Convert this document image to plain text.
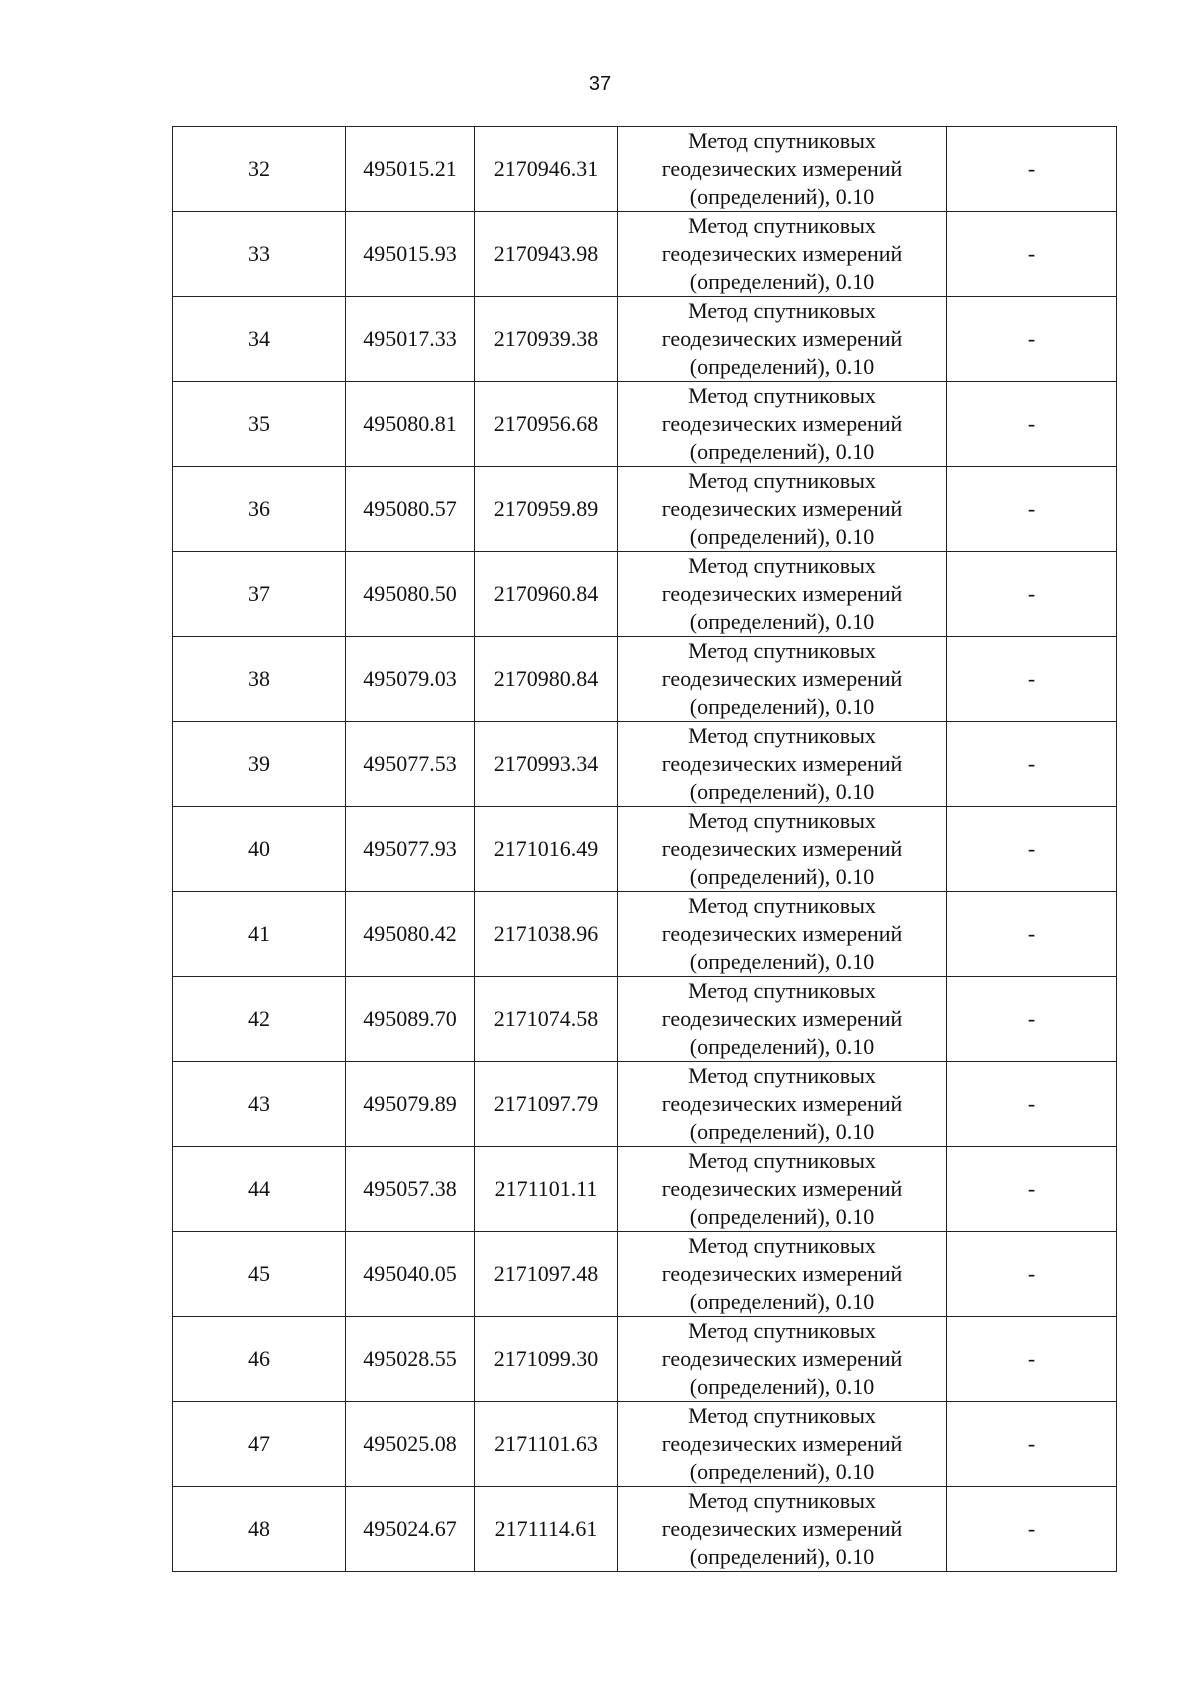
37
32	495015.21	2170946.31	Метод спутниковых
геодезических измерений
(определений), 0.10	-
33	495015.93	2170943.98	Метод спутниковых
геодезических измерений
(определений), 0.10	-
34	495017.33	2170939.38	Метод спутниковых
геодезических измерений
(определений), 0.10	-
35	495080.81	2170956.68	Метод спутниковых
геодезических измерений
(определений), 0.10	-
36	495080.57	2170959.89	Метод спутниковых
геодезических измерений
(определений), 0.10	-
37	495080.50	2170960.84	Метод спутниковых
геодезических измерений
(определений), 0.10	-
38	495079.03	2170980.84	Метод спутниковых
геодезических измерений
(определений), 0.10	-
39	495077.53	2170993.34	Метод спутниковых
геодезических измерений
(определений), 0.10	-
40	495077.93	2171016.49	Метод спутниковых
геодезических измерений
(определений), 0.10	-
41	495080.42	2171038.96	Метод спутниковых
геодезических измерений
(определений), 0.10	-
42	495089.70	2171074.58	Метод спутниковых
геодезических измерений
(определений), 0.10	-
43	495079.89	2171097.79	Метод спутниковых
геодезических измерений
(определений), 0.10	-
44	495057.38	2171101.11	Метод спутниковых
геодезических измерений
(определений), 0.10	-
45	495040.05	2171097.48	Метод спутниковых
геодезических измерений
(определений), 0.10	-
46	495028.55	2171099.30	Метод спутниковых
геодезических измерений
(определений), 0.10	-
47	495025.08	2171101.63	Метод спутниковых
геодезических измерений
(определений), 0.10	-
48	495024.67	2171114.61	Метод спутниковых
геодезических измерений
(определений), 0.10	-
